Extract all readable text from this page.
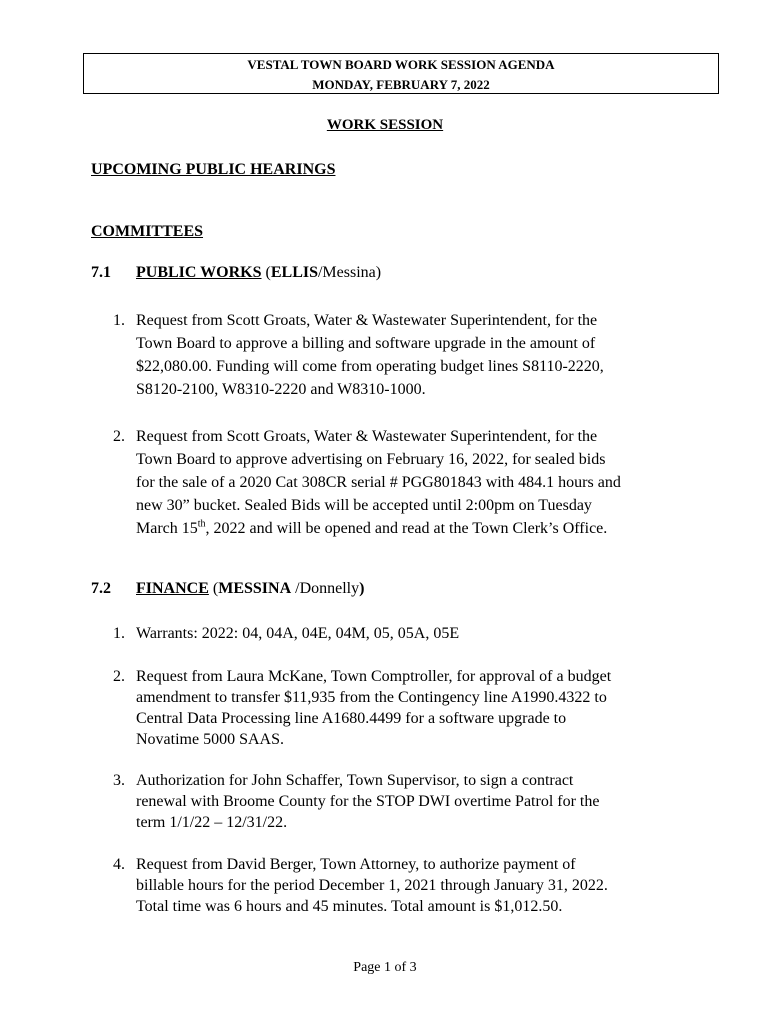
VESTAL TOWN BOARD WORK SESSION AGENDA
MONDAY, FEBRUARY 7, 2022
WORK SESSION
UPCOMING PUBLIC HEARINGS
COMMITTEES
7.1 PUBLIC WORKS (ELLIS/Messina)
1. Request from Scott Groats, Water & Wastewater Superintendent, for the
Town Board to approve a billing and software upgrade in the amount of
$22,080.00. Funding will come from operating budget lines S8110-2220,
S8120-2100, W8310-2220 and W8310-1000.
2. Request from Scott Groats, Water & Wastewater Superintendent, for the
Town Board to approve advertising on February 16, 2022, for sealed bids
for the sale of a 2020 Cat 308CR serial # PGG801843 with 484.1 hours and
new 30” bucket. Sealed Bids will be accepted until 2:00pm on Tuesday
March 15th, 2022 and will be opened and read at the Town Clerk’s Office.
7.2 FINANCE (MESSINA /Donnelly)
1. Warrants: 2022: 04, 04A, 04E, 04M, 05, 05A, 05E
2. Request from Laura McKane, Town Comptroller, for approval of a budget
amendment to transfer $11,935 from the Contingency line A1990.4322 to
Central Data Processing line A1680.4499 for a software upgrade to
Novatime 5000 SAAS.
3. Authorization for John Schaffer, Town Supervisor, to sign a contract
renewal with Broome County for the STOP DWI overtime Patrol for the
term 1/1/22 – 12/31/22.
4. Request from David Berger, Town Attorney, to authorize payment of
billable hours for the period December 1, 2021 through January 31, 2022.
Total time was 6 hours and 45 minutes. Total amount is $1,012.50.
Page 1 of 3
